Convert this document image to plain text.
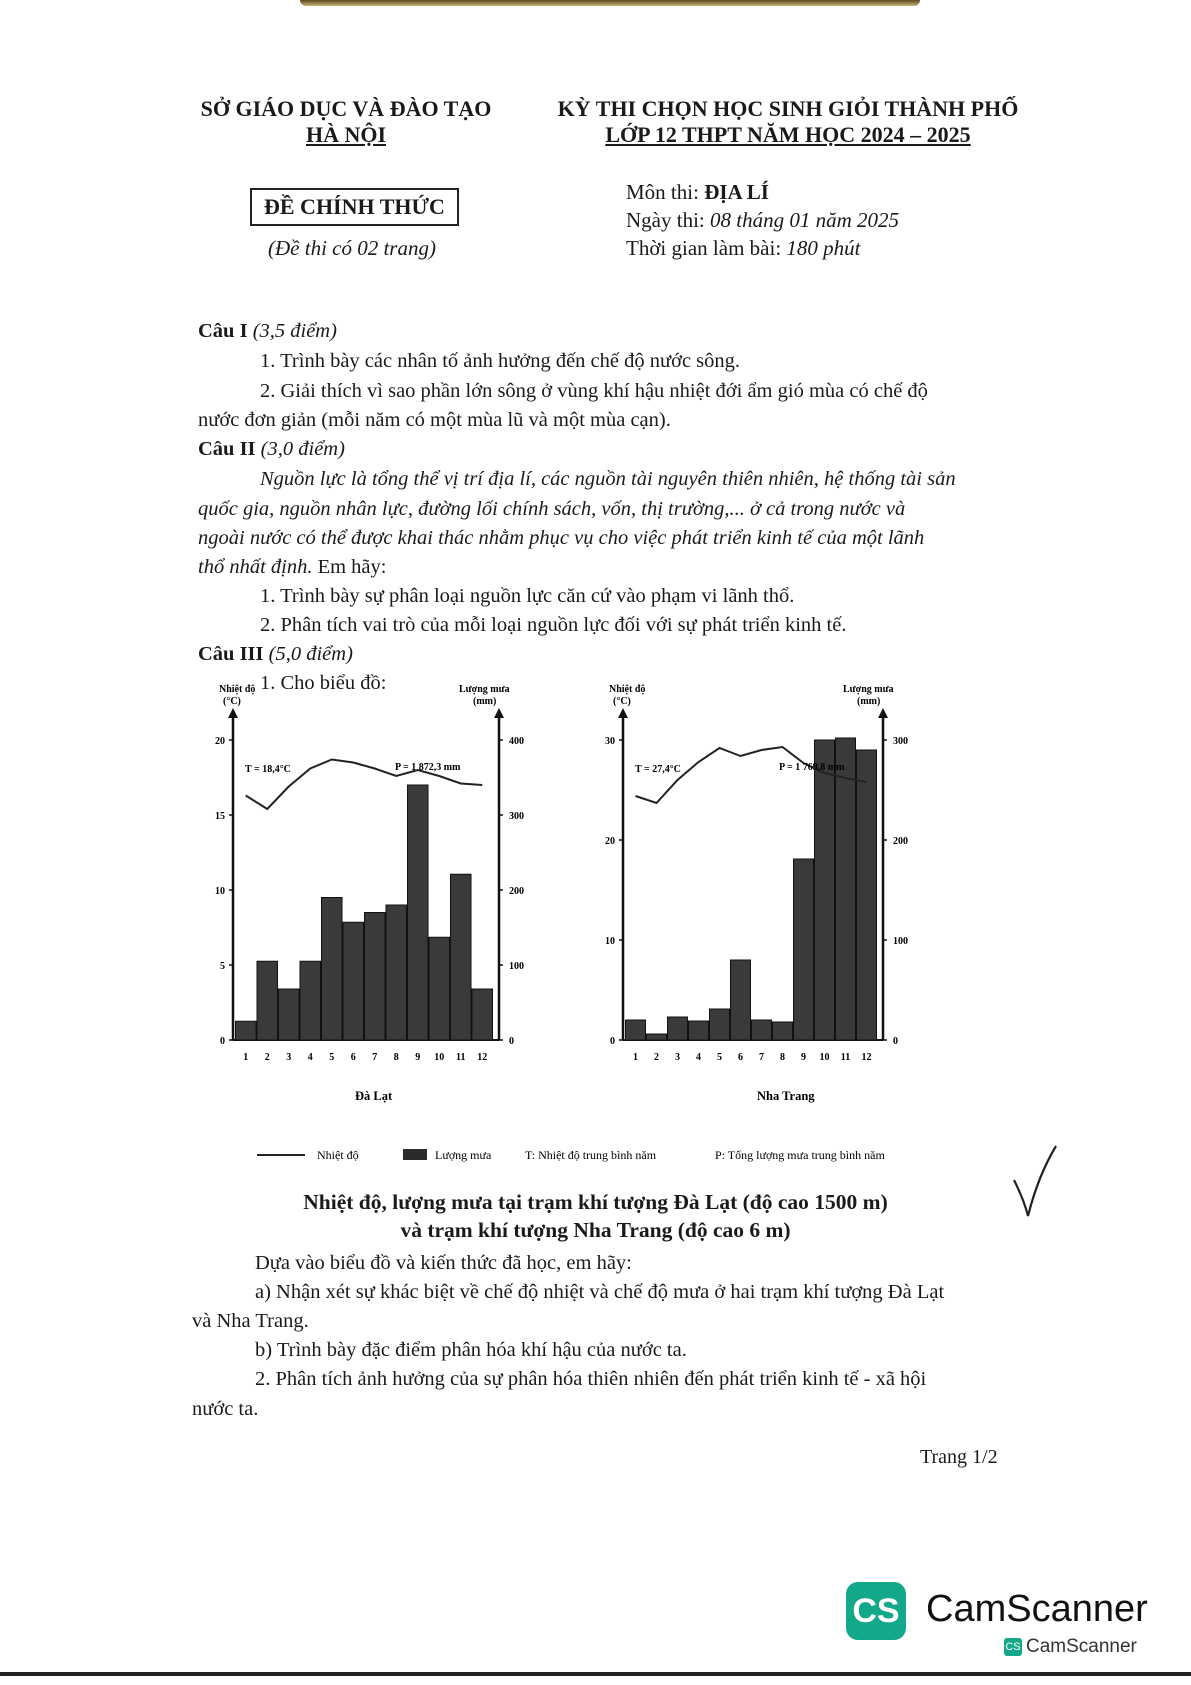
SỞ GIÁO DỤC VÀ ĐÀO TẠO
HÀ NỘI
KỲ THI CHỌN HỌC SINH GIỎI THÀNH PHỐ
LỚP 12 THPT NĂM HỌC 2024 – 2025
ĐỀ CHÍNH THỨC
(Đề thi có 02 trang)
Môn thi: ĐỊA LÍ
Ngày thi: 08 tháng 01 năm 2025
Thời gian làm bài: 180 phút
Câu I (3,5 điểm)
1. Trình bày các nhân tố ảnh hưởng đến chế độ nước sông.
2. Giải thích vì sao phần lớn sông ở vùng khí hậu nhiệt đới ẩm gió mùa có chế độ
nước đơn giản (mỗi năm có một mùa lũ và một mùa cạn).
Câu II (3,0 điểm)
Nguồn lực là tổng thể vị trí địa lí, các nguồn tài nguyên thiên nhiên, hệ thống tài sản
quốc gia, nguồn nhân lực, đường lối chính sách, vốn, thị trường,... ở cả trong nước và
ngoài nước có thể được khai thác nhằm phục vụ cho việc phát triển kinh tế của một lãnh
thổ nhất định. Em hãy:
1. Trình bày sự phân loại nguồn lực căn cứ vào phạm vi lãnh thổ.
2. Phân tích vai trò của mỗi loại nguồn lực đối với sự phát triển kinh tế.
Câu III (5,0 điểm)
1. Cho biểu đồ:
Nhiệt độ
(°C)
Lượng mưa
(mm)
0
5
10
15
20
0
100
200
300
400
1 2 3 4 5 6 7 8 9 10 11 12
T = 18,4°C	P = 1 872,3 mm
Đà Lạt
Nhiệt độ
(°C)
Lượng mưa
(mm)
0
10
20
30
0
100
200
300
1 2 3 4 5 6 7 8 9 10 11 12
T = 27,4°C	P = 1 769,8 mm
Nha Trang
Nhiệt độ	Lượng mưa	T: Nhiệt độ trung bình năm	P: Tổng lượng mưa trung bình năm
Nhiệt độ, lượng mưa tại trạm khí tượng Đà Lạt (độ cao 1500 m)
và trạm khí tượng Nha Trang (độ cao 6 m)
Dựa vào biểu đồ và kiến thức đã học, em hãy:
a) Nhận xét sự khác biệt về chế độ nhiệt và chế độ mưa ở hai trạm khí tượng Đà Lạt
và Nha Trang.
b) Trình bày đặc điểm phân hóa khí hậu của nước ta.
2. Phân tích ảnh hưởng của sự phân hóa thiên nhiên đến phát triển kinh tế - xã hội
nước ta.
Trang 1/2
CS CamScanner
CS CamScanner
